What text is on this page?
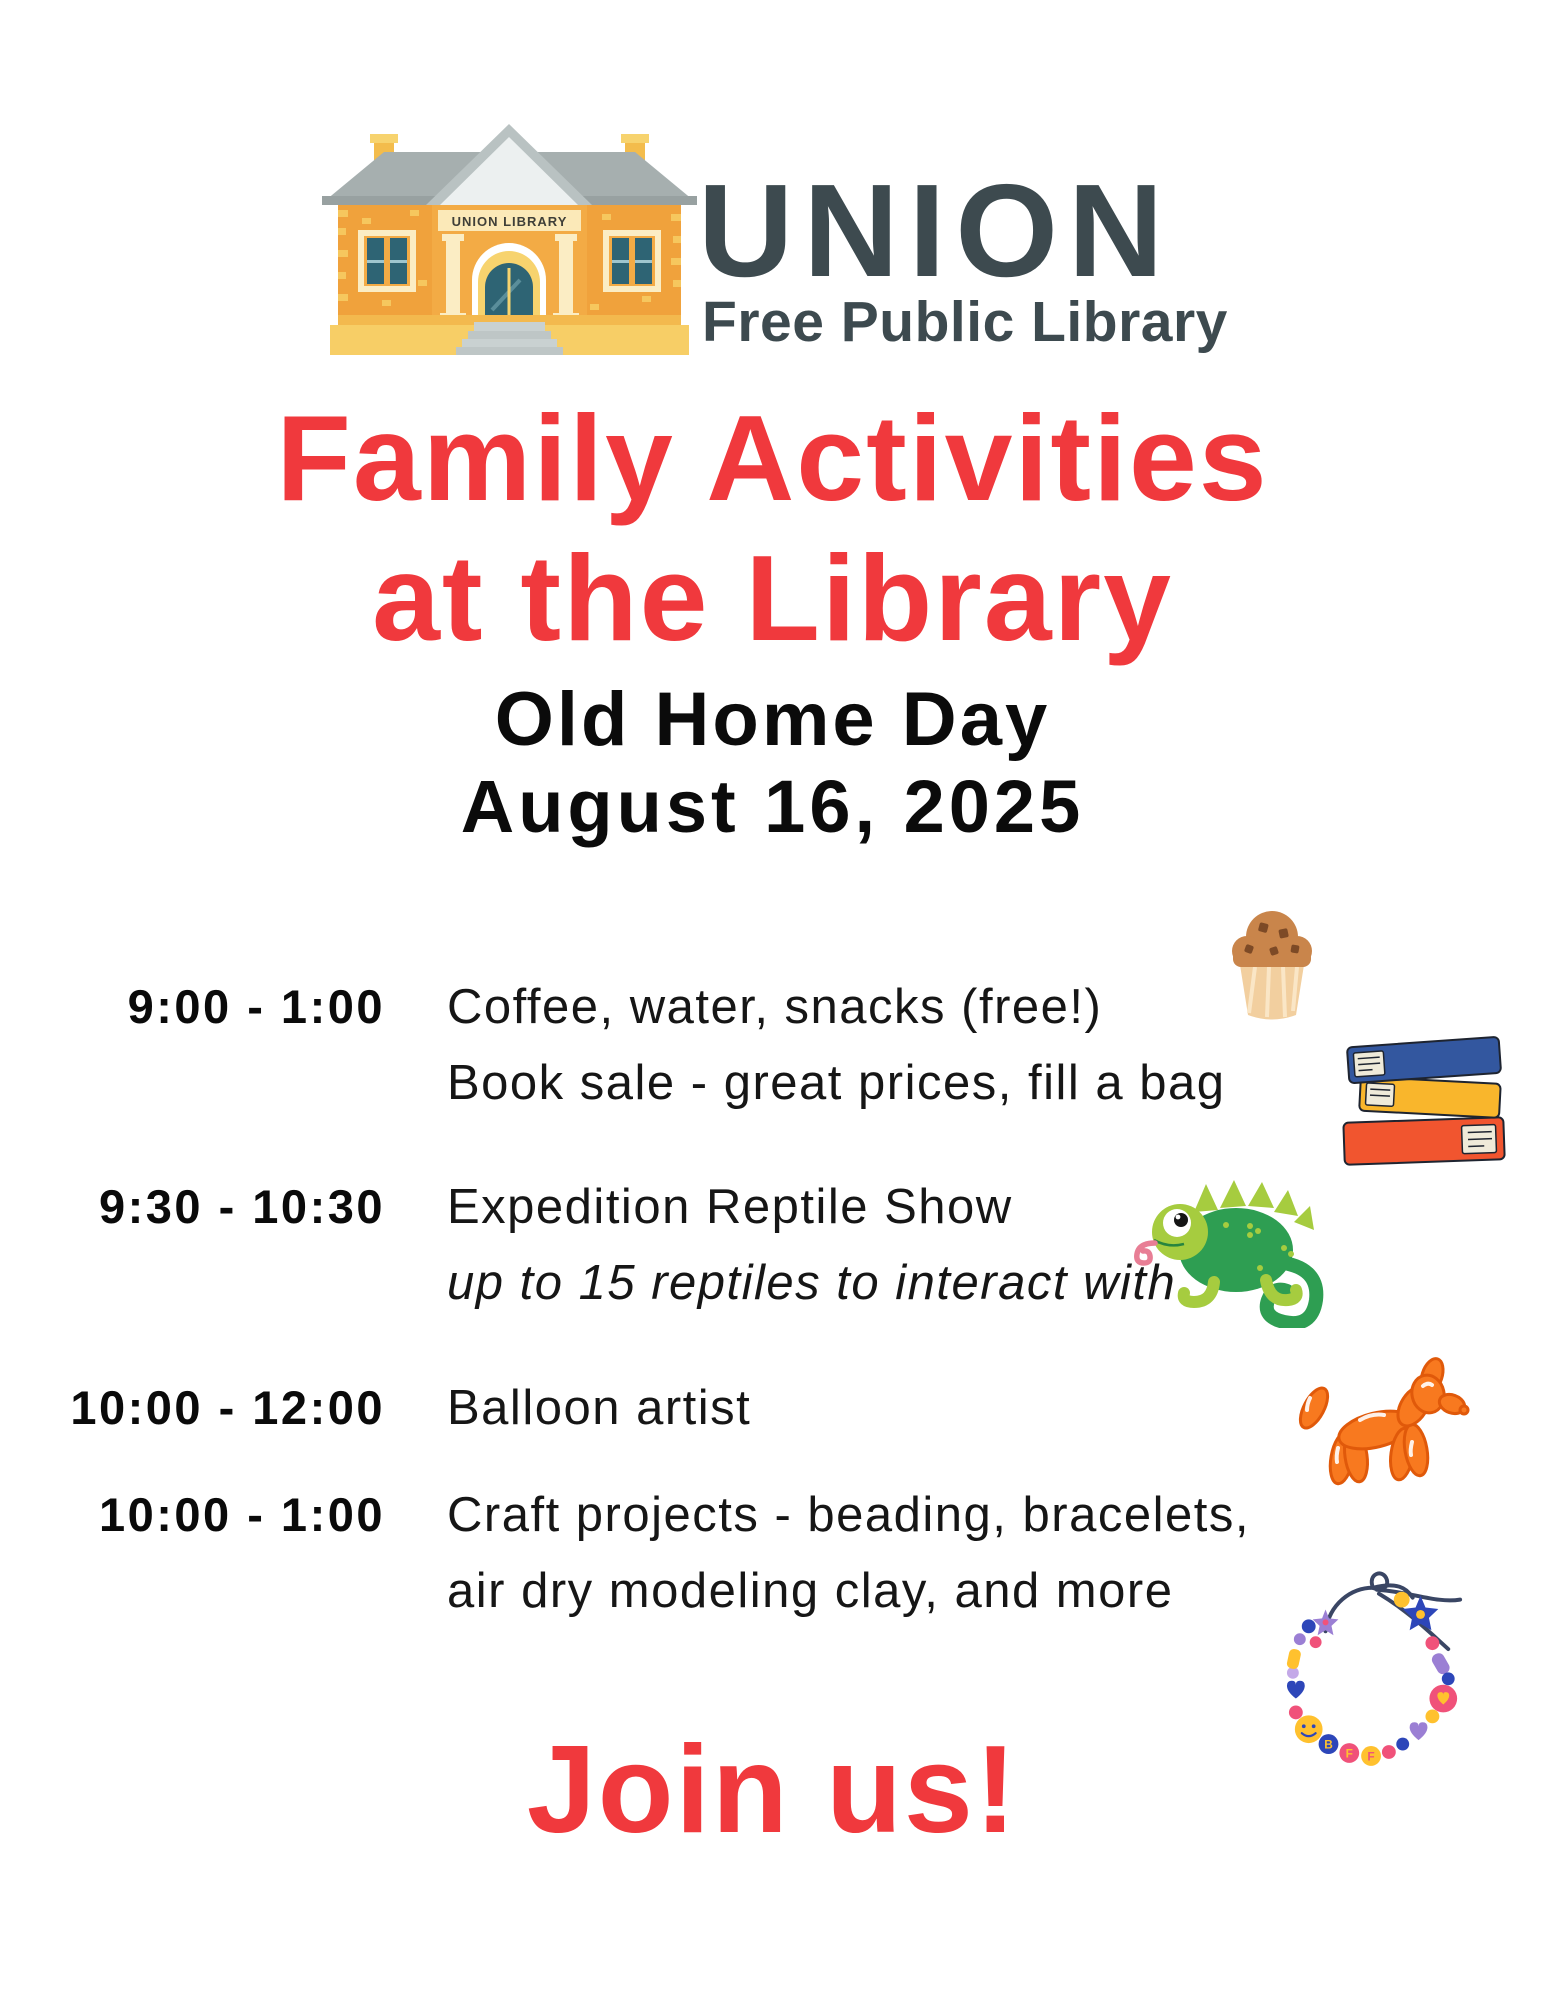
UNION LIBRARY UNION
Free Public Library
Family Activities
at the Library
Old Home Day
August 16, 2025
9:00 - 1:00 Coffee, water, snacks (free!)
Book sale - great prices, fill a bag
9:30 - 10:30 Expedition Reptile Show
up to 15 reptiles to interact with
10:00 - 12:00 Balloon artist
10:00 - 1:00 Craft projects - beading, bracelets,
air dry modeling clay, and more
F
F
B
Join us!
